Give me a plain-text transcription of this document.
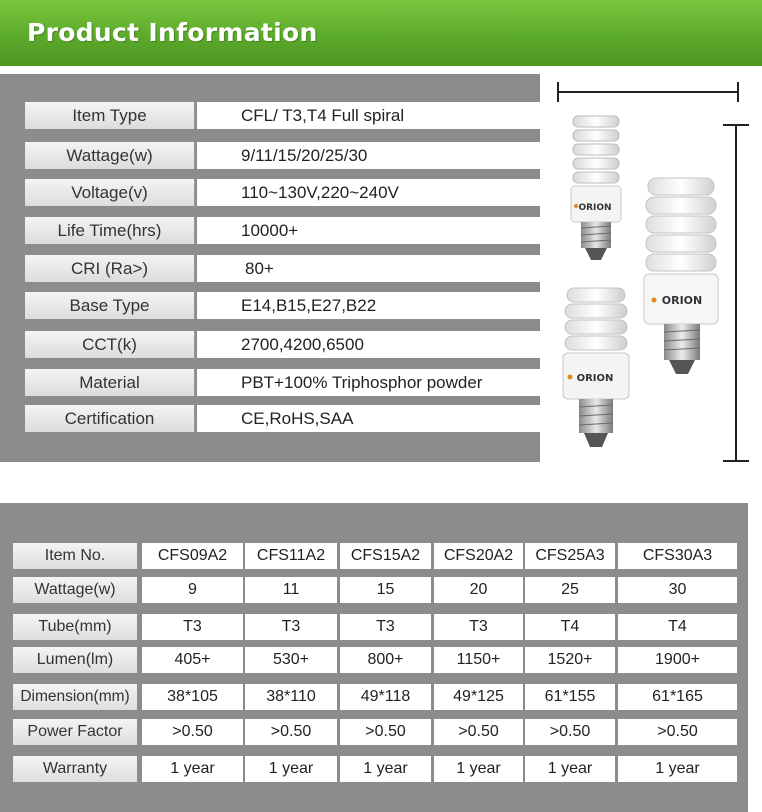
Product Information
Item Type	CFL/ T3,T4 Full spiral
Wattage(w)	9/11/15/20/25/30
Voltage(v)	110~130V,220~240V
Life Time(hrs)	10000+
CRI (Ra>)	80+
Base Type	E14,B15,E27,B22
CCT(k)	2700,4200,6500
Material	PBT+100% Triphosphor powder
Certification	CE,RoHS,SAA
ORION
ORION
ORION
Item No.	CFS09A2	CFS11A2	CFS15A2	CFS20A2	CFS25A3	CFS30A3
Wattage(w)	9	11	15	20	25	30
Tube(mm)	T3	T3	T3	T3	T4	T4
Lumen(lm)	405+	530+	800+	1150+	1520+	1900+
Dimension(mm)	38*105	38*110	49*118	49*125	61*155	61*165
Power Factor	>0.50	>0.50	>0.50	>0.50	>0.50	>0.50
Warranty	1 year	1 year	1 year	1 year	1 year	1 year
